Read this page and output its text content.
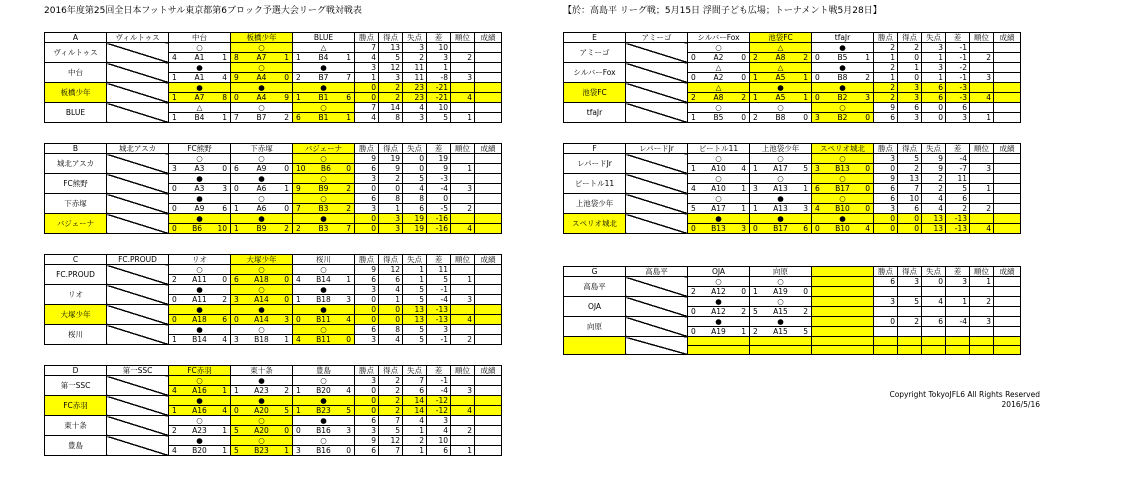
2016年度第25回全日本フットサル東京都第6ブロック予選大会リーグ戦対戦表	【於：高島平 リーグ戦；5月15日 浮間子ども広場；トーナメント戦5月28日】
A	ヴィルトゥス	中台	板橋少年	BLUE	勝点	得点	失点	差	順位	成績
ヴィルトゥス		○	○	△	7	13	3	10		

		4 A1 1	8 A7 1	1 B4 1	4	5	2	3	2	
中台		●	○	●	3	12	11	1		

		1 A1 4	9 A4 0	2 B7 7	1	3	11	-8	3	
板橋少年		●	●	●	0	2	23	-21		

		1 A7 8	0 A4 9	1 B1 6	0	2	23	-21	4	
BLUE		△	○	○	7	14	4	10		

		1 B4 1	7 B7 2	6 B1 1	4	8	3	5	1	
B	城北アスカ	FC熊野	下赤塚	バジェーナ	勝点	得点	失点	差	順位	成績
城北アスカ		○	○	○	9	19	0	19		

		3 A3 0	6 A9 0	10 B6 0	6	9	0	9	1	
FC熊野		●	●	○	3	2	5	-3		

		0 A3 3	0 A6 1	9 B9 2	0	0	4	-4	3	
下赤塚		●	○	○	6	8	8	0		

		0 A9 6	1 A6 0	7 B3 2	3	1	6	-5	2	
バジェーナ		●	●	●	0	3	19	-16		

		0 B6 10	1 B9 2	2 B3 7	0	3	19	-16	4	
C	FC.PROUD	リオ	大塚少年	桜川	勝点	得点	失点	差	順位	成績
FC.PROUD		○	○	○	9	12	1	11		

		2 A11 0	6 A18 0	4 B14 1	6	6	1	5	1	
リオ		●	○	●	3	4	5	-1		

		0 A11 2	3 A14 0	1 B18 3	0	1	5	-4	3	
大塚少年		●	●	●	0	0	13	-13		

		0 A18 6	0 A14 3	0 B11 4	0	0	13	-13	4	
桜川		●	○	○	6	8	5	3		

		1 B14 4	3 B18 1	4 B11 0	3	4	5	-1	2	
D	第一SSC	FC赤羽	東十条	豊島	勝点	得点	失点	差	順位	成績
第一SSC		○	●	○	3	2	7	-1		

		4 A16 1	1 A23 2	1 B20 4	0	2	6	-4	3	
FC赤羽		●	●	●	0	2	14	-12		

		1 A16 4	0 A20 5	1 B23 5	0	2	14	-12	4	
東十条		○	○	●	6	7	4	3		

		2 A23 1	5 A20 0	0 B16 3	3	5	1	4	2	
豊島		●	○	○	9	12	2	10		

		4 B20 1	5 B23 1	3 B16 0	6	7	1	6	1	
E	アミーゴ	シルバーFox	池袋FC	tfaJr	勝点	得点	失点	差	順位	成績
アミーゴ		○	△	●	2	2	3	-1		

		0 A2 0	2 A8 2	0 B5 1	1	0	1	-1	2	
シルバーFox		△	△	●	2	1	3	-2		

		0 A2 0	1 A5 1	0 B8 2	1	0	1	-1	3	
池袋FC		△	●	●	2	3	6	-3		

		2 A8 2	1 A5 1	0 B2 3	2	3	6	-3	4	
tfaJr		○	○	○	9	6	0	6		

		1 B5 0	2 B8 0	3 B2 0	6	3	0	3	1	
F	レパードJr	ビートル11	上池袋少年	スペリオ城北	勝点	得点	失点	差	順位	成績
レパードJr		○	○	○	3	5	9	-4		

		1 A10 4	1 A17 5	3 B13 0	0	2	9	-7	3	
ビートル11		○	○	○	9	13	2	11		

		4 A10 1	3 A13 1	6 B17 0	6	7	2	5	1	
上池袋少年		○	●	○	6	10	4	6		

		5 A17 1	1 A13 3	4 B10 0	3	6	4	2	2	
スペリオ城北		●	●	●	0	0	13	-13		

		0 B13 3	0 B17 6	0 B10 4	0	0	13	-13	4	
G	高島平	OJA	向原		勝点	得点	失点	差	順位	成績
高島平		○	○		6	3	0	3	1	

		2 A12 0	1 A19 0							

OJA		●	○		3	5	4	1	2	

		0 A12 2	5 A15 2							

向原		●	●		0	2	6	-4	3	

		0 A19 1	2 A15 5							

Copyright TokyoJFL6 All Rights Reserved
2016/5/16
